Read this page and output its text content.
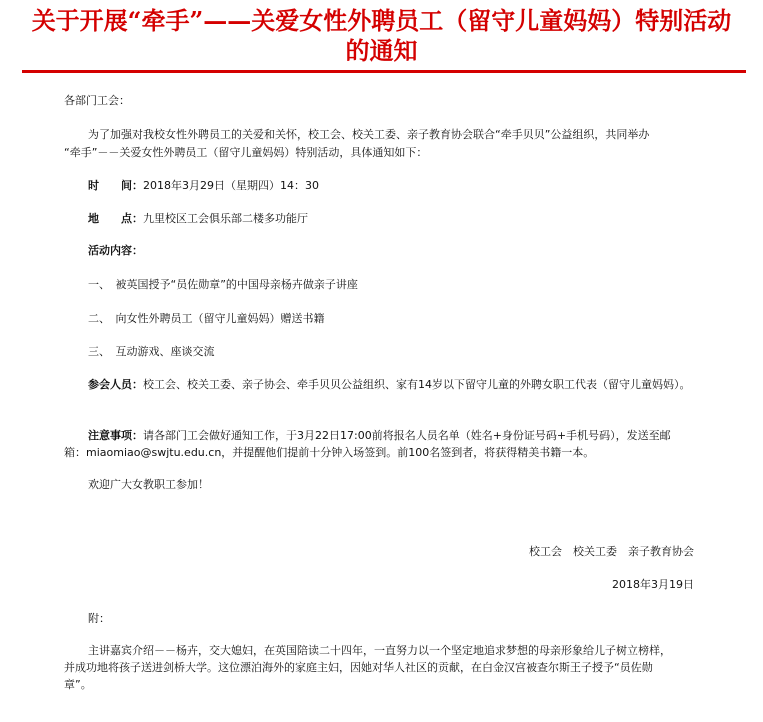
关于开展“牵手”——关爱女性外聘员工（留守儿童妈妈）特别活动
的通知
各部门工会：
为了加强对我校女性外聘员工的关爱和关怀，校工会、校关工委、亲子教育协会联合“牵手贝贝”公益组织，共同举办
“牵手”－－关爱女性外聘员工（留守儿童妈妈）特别活动，具体通知如下：
时　　间：2018年3月29日（星期四）14：30
地　　点：九里校区工会俱乐部二楼多功能厅
活动内容：
一、　被英国授予“员佐勋章”的中国母亲杨卉做亲子讲座
二、　向女性外聘员工（留守儿童妈妈）赠送书籍
三、　互动游戏、座谈交流
参会人员：校工会、校关工委、亲子协会、牵手贝贝公益组织、家有14岁以下留守儿童的外聘女职工代表（留守儿童妈妈）。
注意事项：请各部门工会做好通知工作，于3月22日17:00前将报名人员名单（姓名+身份证号码+手机号码），发送至邮
箱：miaomiao@swjtu.edu.cn，并提醒他们提前十分钟入场签到。前100名签到者，将获得精美书籍一本。
欢迎广大女教职工参加！
校工会　校关工委　亲子教育协会
2018年3月19日
附：
主讲嘉宾介绍－－杨卉，交大媳妇，在英国陪读二十四年，一直努力以一个坚定地追求梦想的母亲形象给儿子树立榜样，
并成功地将孩子送进剑桥大学。这位漂泊海外的家庭主妇，因她对华人社区的贡献，在白金汉宫被查尔斯王子授予“员佐勋
章”。
